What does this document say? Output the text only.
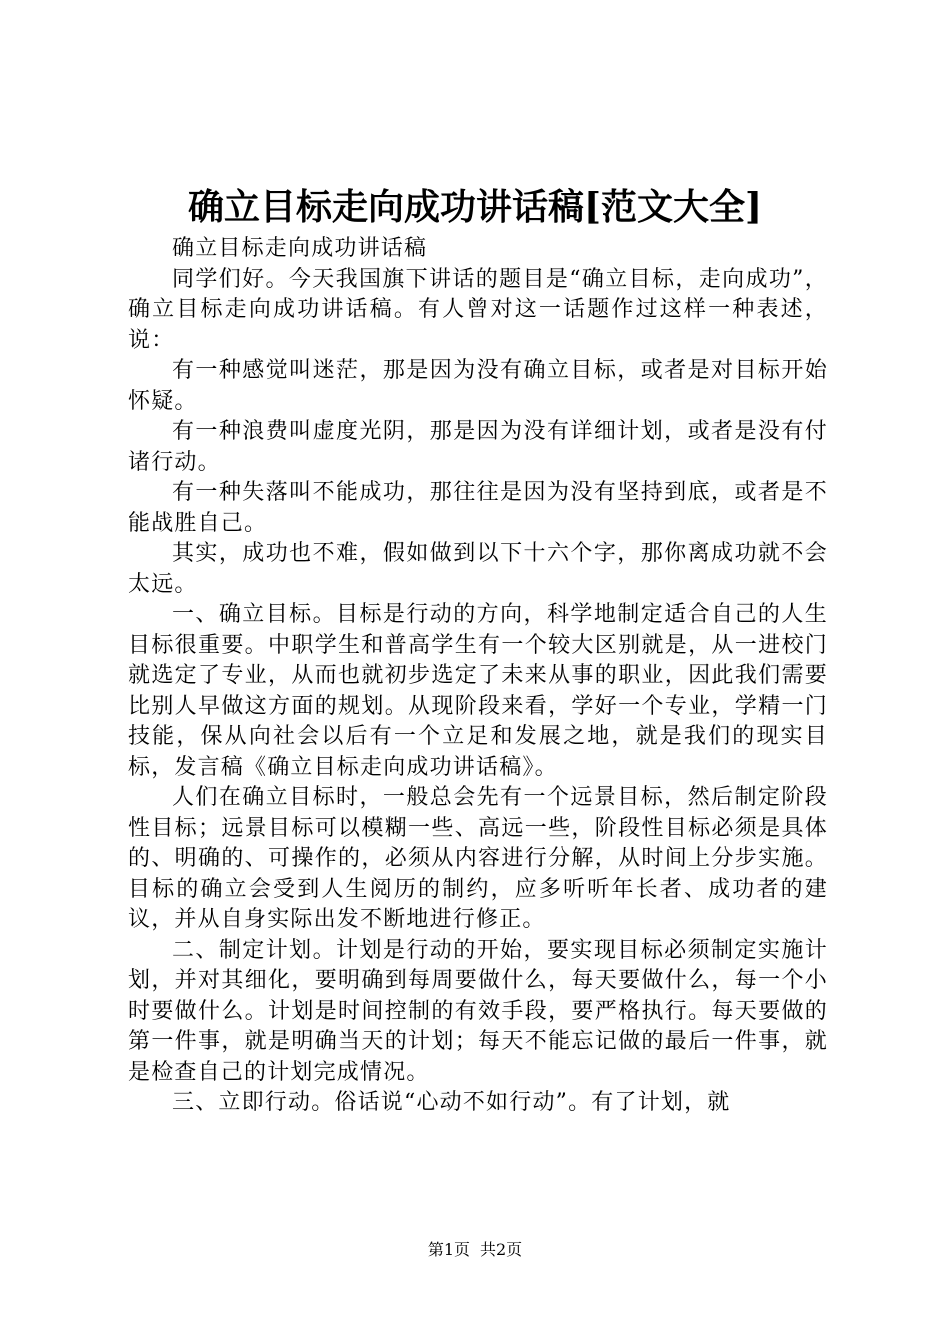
确立目标走向成功讲话稿[范文大全]

确立目标走向成功讲话稿

同学们好。今天我国旗下讲话的题目是“确立目标，走向成功”，确立目标走向成功讲话稿。有人曾对这一话题作过这样一种表述，说：

有一种感觉叫迷茫，那是因为没有确立目标，或者是对目标开始怀疑。

有一种浪费叫虚度光阴，那是因为没有详细计划，或者是没有付诸行动。

有一种失落叫不能成功，那往往是因为没有坚持到底，或者是不能战胜自己。

其实，成功也不难，假如做到以下十六个字，那你离成功就不会太远。

一、确立目标。目标是行动的方向，科学地制定适合自己的人生目标很重要。中职学生和普高学生有一个较大区别就是，从一进校门就选定了专业，从而也就初步选定了未来从事的职业，因此我们需要比别人早做这方面的规划。从现阶段来看，学好一个专业，学精一门技能，保从向社会以后有一个立足和发展之地，就是我们的现实目标，发言稿《确立目标走向成功讲话稿》。

人们在确立目标时，一般总会先有一个远景目标，然后制定阶段性目标；远景目标可以模糊一些、高远一些，阶段性目标必须是具体的、明确的、可操作的，必须从内容进行分解，从时间上分步实施。目标的确立会受到人生阅历的制约，应多听听年长者、成功者的建议，并从自身实际出发不断地进行修正。

二、制定计划。计划是行动的开始，要实现目标必须制定实施计划，并对其细化，要明确到每周要做什么，每天要做什么，每一个小时要做什么。计划是时间控制的有效手段，要严格执行。每天要做的第一件事，就是明确当天的计划；每天不能忘记做的最后一件事，就是检查自己的计划完成情况。

三、立即行动。俗话说“心动不如行动”。有了计划，就

第1页 共2页
